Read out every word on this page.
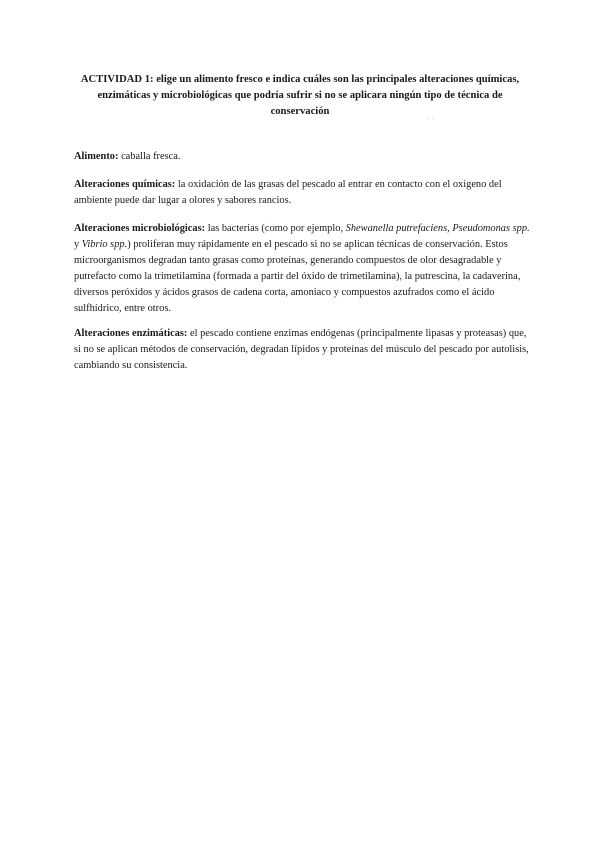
ACTIVIDAD 1: elige un alimento fresco e indica cuáles son las principales alteraciones químicas, enzimáticas y microbiológicas que podría sufrir si no se aplicara ningún tipo de técnica de conservación
· ·

Alimento: caballa fresca.

Alteraciones químicas: la oxidación de las grasas del pescado al entrar en contacto con el oxígeno del ambiente puede dar lugar a olores y sabores rancios.

Alteraciones microbiológicas: las bacterias (como por ejemplo, Shewanella putrefaciens, Pseudomonas spp. y Vibrio spp.) proliferan muy rápidamente en el pescado si no se aplican técnicas de conservación. Estos microorganismos degradan tanto grasas como proteínas, generando compuestos de olor desagradable y putrefacto como la trimetilamina (formada a partir del óxido de trimetilamina), la putrescina, la cadaverina, diversos peróxidos y ácidos grasos de cadena corta, amoniaco y compuestos azufrados como el ácido sulfhídrico, entre otros.

Alteraciones enzimáticas: el pescado contiene enzimas endógenas (principalmente lipasas y proteasas) que, si no se aplican métodos de conservación, degradan lípidos y proteínas del músculo del pescado por autolisis, cambiando su consistencia.
